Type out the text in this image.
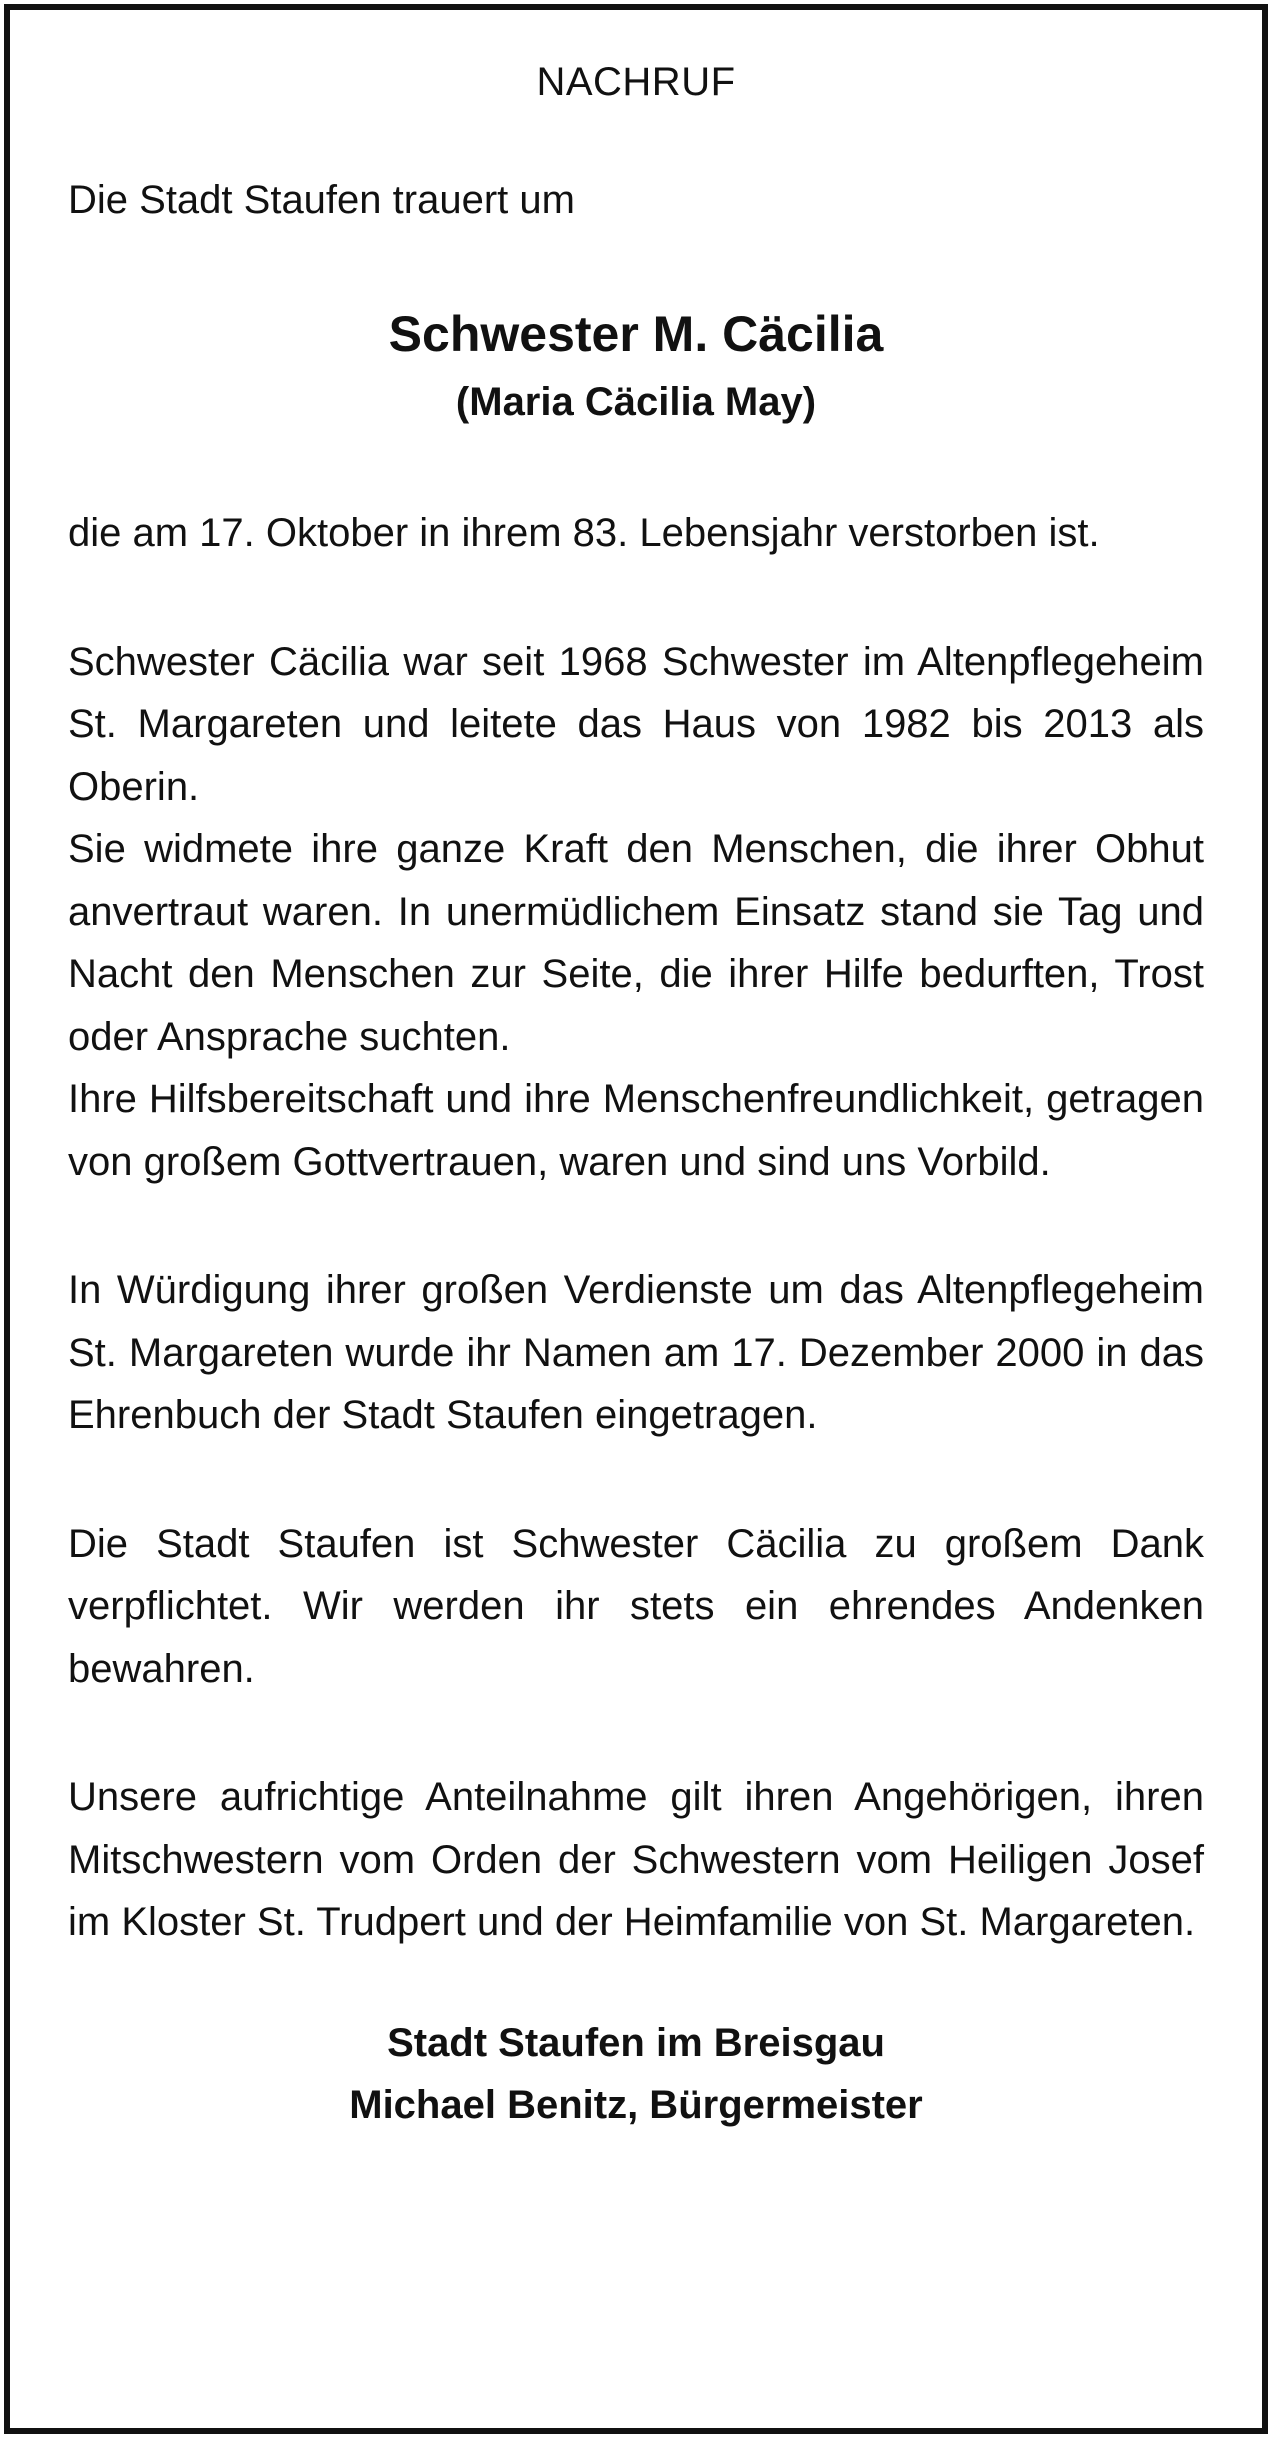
NACHRUF

Die Stadt Staufen trauert um

Schwester M. Cäcilia

(Maria Cäcilia May)

die am 17. Oktober in ihrem 83. Lebensjahr verstorben ist.

Schwester Cäcilia war seit 1968 Schwester im Altenpflegeheim St. Margareten und leitete das Haus von 1982 bis 2013 als Oberin.

Sie widmete ihre ganze Kraft den Menschen, die ihrer Obhut anvertraut waren. In unermüdlichem Einsatz stand sie Tag und Nacht den Menschen zur Seite, die ihrer Hilfe bedurften, Trost oder Ansprache suchten.

Ihre Hilfsbereitschaft und ihre Menschenfreundlichkeit, getragen von großem Gottvertrauen, waren und sind uns Vorbild.

In Würdigung ihrer großen Verdienste um das Altenpflegeheim St. Margareten wurde ihr Namen am 17. Dezember 2000 in das Ehrenbuch der Stadt Staufen eingetragen.

Die Stadt Staufen ist Schwester Cäcilia zu großem Dank verpflichtet. Wir werden ihr stets ein ehrendes Andenken bewahren.

Unsere aufrichtige Anteilnahme gilt ihren Angehörigen, ihren Mitschwestern vom Orden der Schwestern vom Heiligen Josef im Kloster St. Trudpert und der Heimfamilie von St. Margareten.

Stadt Staufen im Breisgau

Michael Benitz, Bürgermeister
